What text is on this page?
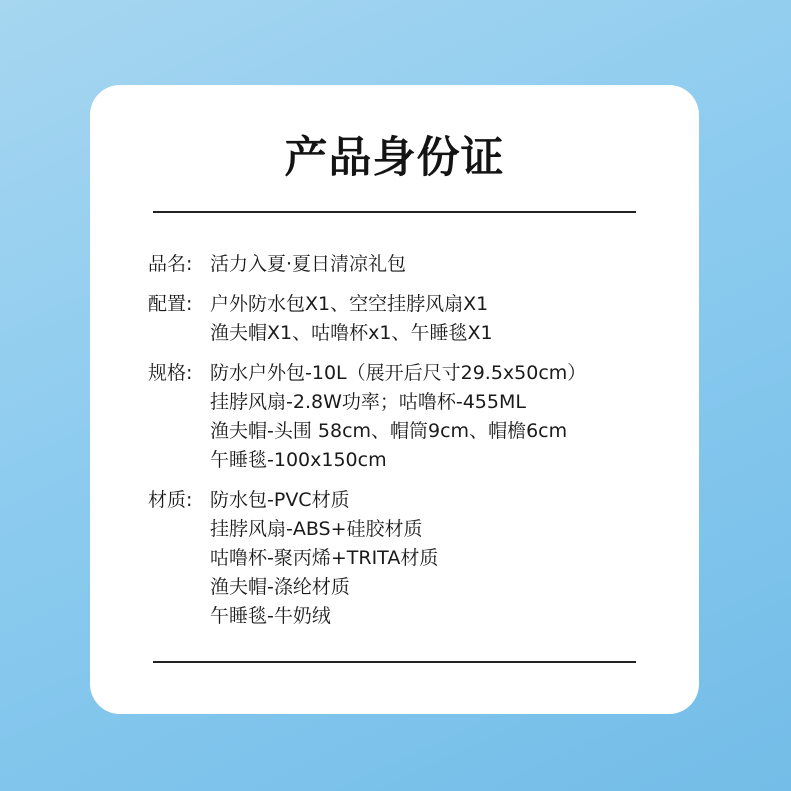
产品身份证
品名: 活力入夏·夏日清凉礼包
配置: 户外防水包X1、空空挂脖风扇X1
渔夫帽X1、咕噜杯x1、午睡毯X1
规格: 防水户外包-10L（展开后尺寸29.5x50cm）
挂脖风扇-2.8W功率；咕噜杯-455ML
渔夫帽-头围 58cm、帽筒9cm、帽檐6cm
午睡毯-100x150cm
材质: 防水包-PVC材质
挂脖风扇-ABS+硅胶材质
咕噜杯-聚丙烯+TRITA材质
渔夫帽-涤纶材质
午睡毯-牛奶绒
